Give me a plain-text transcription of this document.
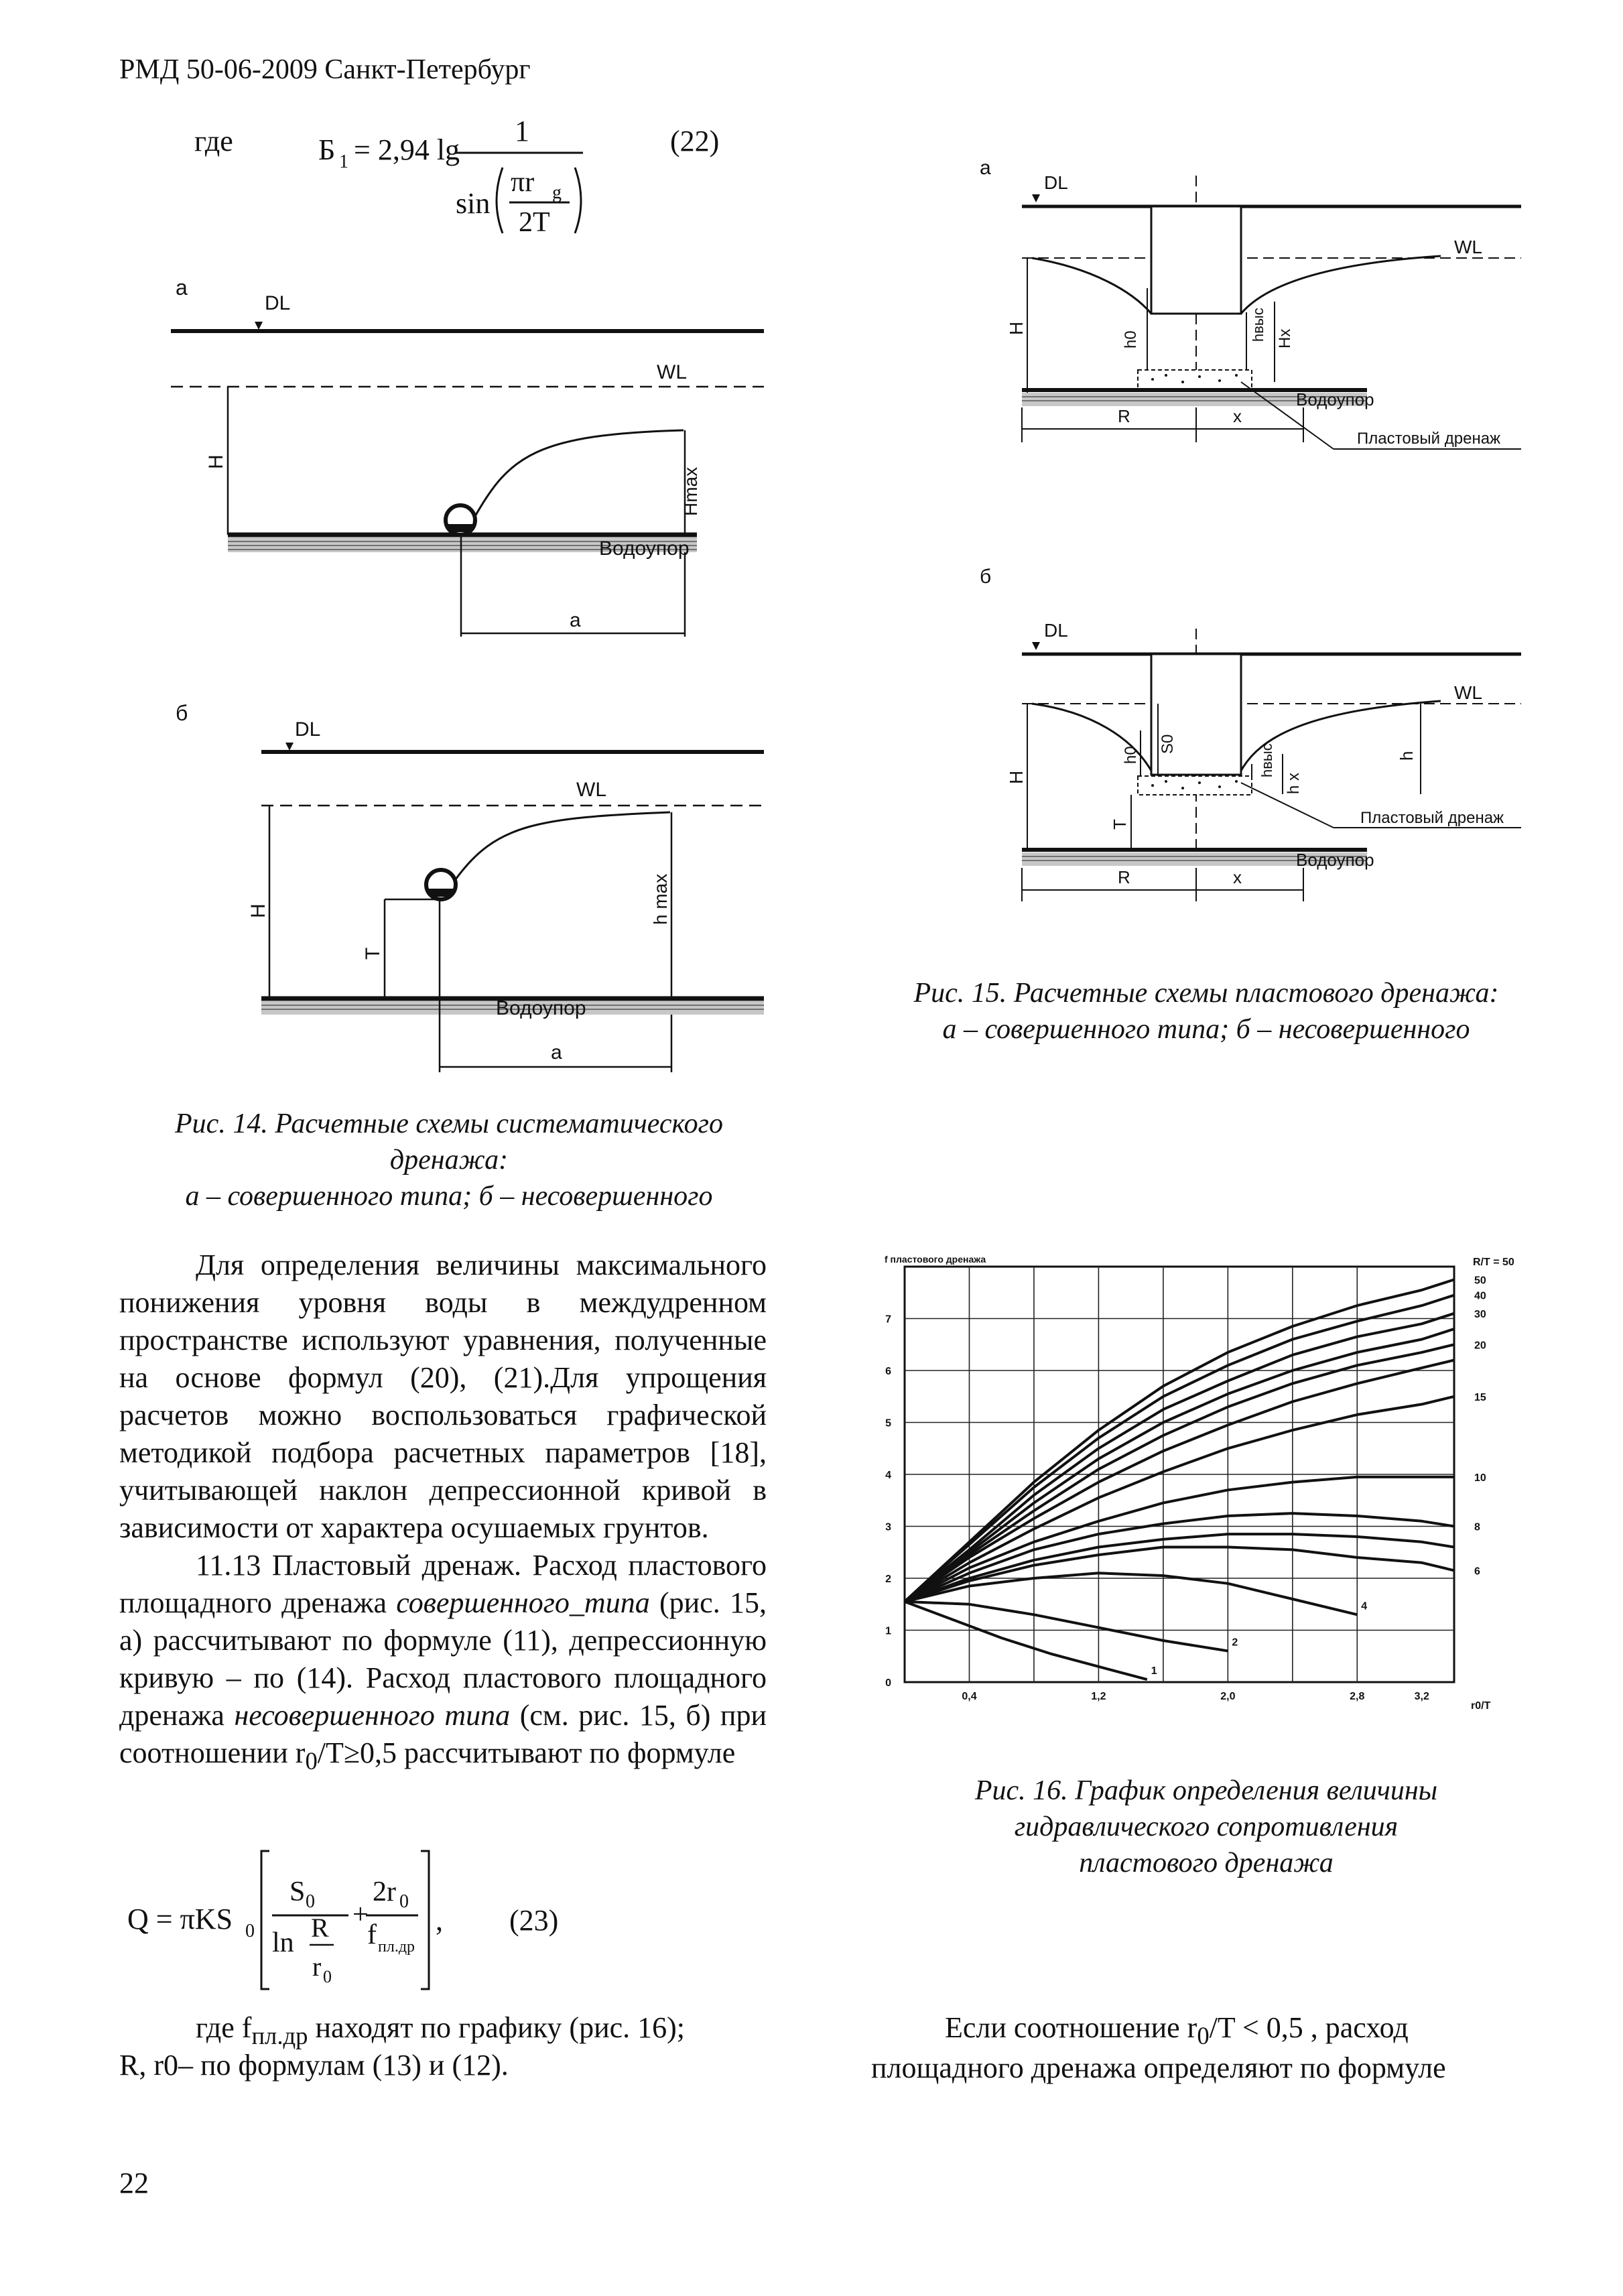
РМД 50-06-2009 Санкт-Петербург
где	Б 1 = 2,94 lg
1
sin
πr g
2T
(22)
а
DL
WL
H
Водоупор
Hmax
a
б
DL
WL
H
Водоупор
T
h max
a
Рис. 14. Расчетные схемы систематического
дренажа:
а – совершенного типа; б – несовершенного
а
DL
WL
H
h0	hвыс Hx
Водоупор
R	x
Пластовый дренаж
б
DL
WL
H
S0
h0	hвыс
h x
h
T
Водоупор
R	x
Пластовый дренаж
Рис. 15. Расчетные схемы пластового дренажа:
а – совершенного типа; б – несовершенного

Для определения величины максимального понижения уровня воды в междудренном пространстве используют уравнения, полученные на основе формул (20), (21).Для упрощения расчетов можно воспользоваться графической методикой подбора расчетных параметров [18], учитывающей наклон депрессионной кривой в зависимости от характера осушаемых грунтов.

11.13 Пластовый дренаж. Расход пластового площадного дренажа совершенного_типа (рис. 15, а) рассчитывают по формуле (11), депрессионную кривую – по (14). Расход пластового площадного дренажа несовершенного типа (см. рис. 15, б) при соотношении $r_0/T\ge 0,5$ рассчитывают по формуле

Q = πKS 0
S 0
ln R
r 0
+
2r 0
f пл.др
, (23)
где $f_{пл.др}$ находят по графику (рис. 16);
R, r0– по формулам (13) и (12).
22
f пластового дренажа
50
40
30
20
15
10
8
6
4
2
1
0
1
2
3
4
5
6
7
0,4	1,2	2,0	2,8	3,2
R/T = 50
r0/T
Рис. 16. График определения величины
гидравлического сопротивления
пластового дренажа
Если соотношение $r_0/T < 0,5$ , расход
площадного дренажа определяют по формуле
